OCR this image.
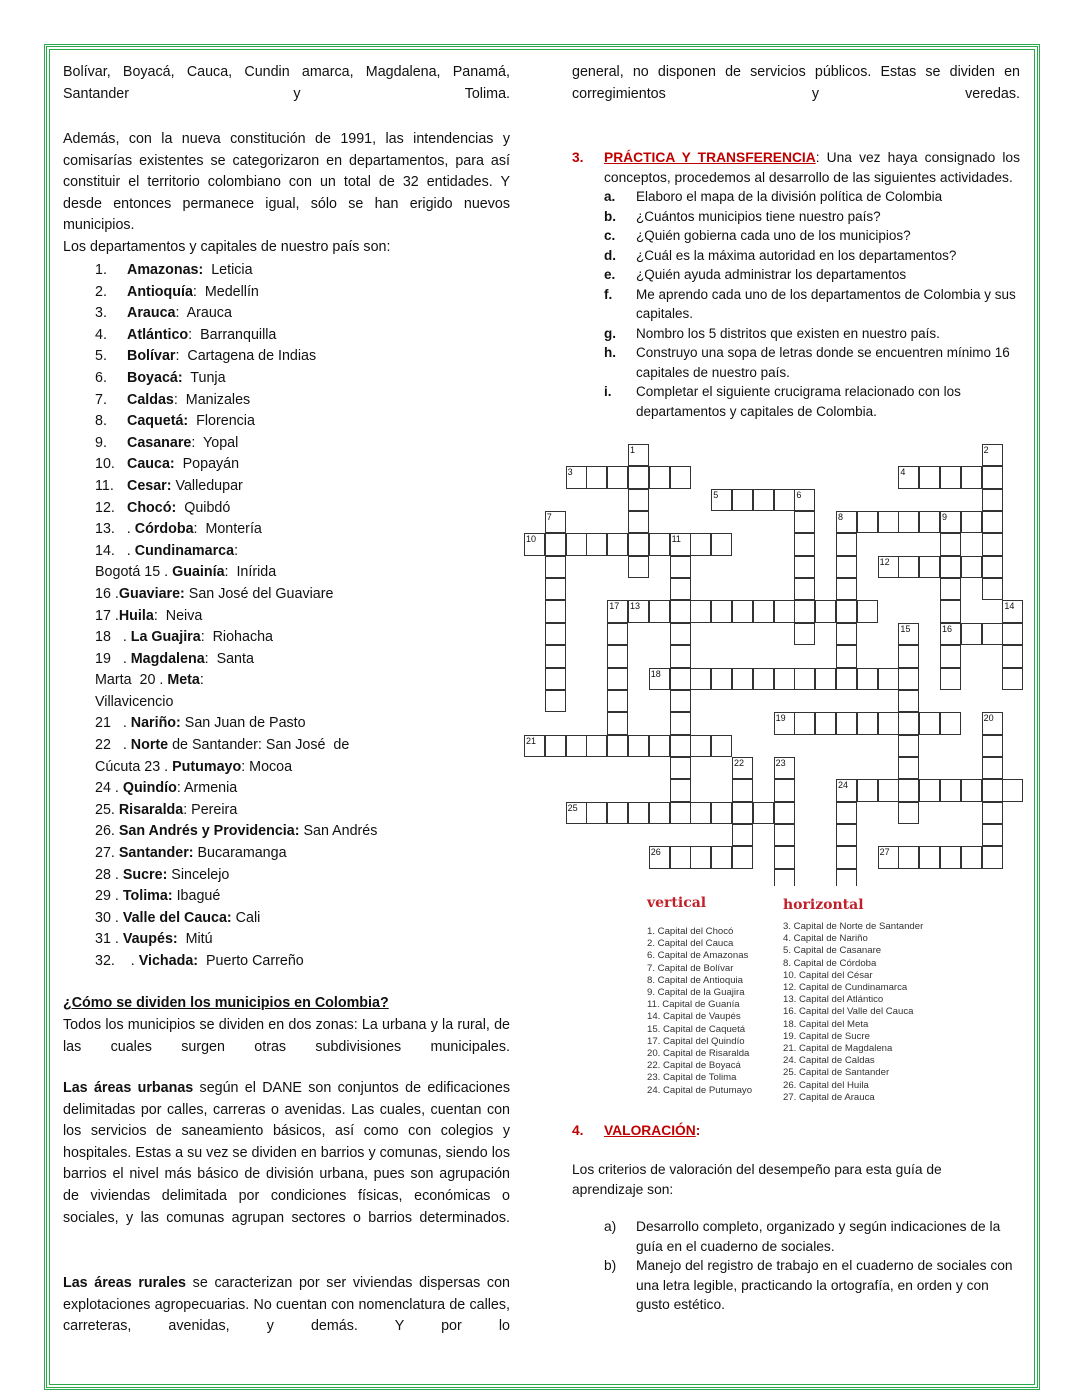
Bolívar, Boyacá, Cauca, Cundin amarca, Magdalena, Panamá, Santander y Tolima.
Además, con la nueva constitución de 1991, las intendencias y comisarías existentes se categorizaron en departamentos, para así constituir el territorio colombiano con un total de 32 entidades. Y desde entonces permanece igual, sólo se han erigido nuevos municipios.
Los departamentos y capitales de nuestro país son:
1. Amazonas:  Leticia
2. Antioquía:  Medellín
3. Arauca:  Arauca
4. Atlántico:  Barranquilla
5. Bolívar:  Cartagena de Indias
6. Boyacá:  Tunja
7. Caldas:  Manizales
8. Caquetá:  Florencia
9. Casanare:  Yopal
10. Cauca:  Popayán
11. Cesar: Valledupar
12. Chocó:  Quibdó
13.   . Córdoba:  Montería
14.   . Cundinamarca:
Bogotá 15 . Guainía:  Inírida
16 .Guaviare: San José del Guaviare
17 .Huila:  Neiva
18   . La Guajira:  Riohacha
19   . Magdalena:  Santa
Marta  20 . Meta:
Villavicencio
21   . Nariño: San Juan de Pasto
22   . Norte de Santander: San José  de
Cúcuta 23 . Putumayo: Mocoa
24 . Quindío: Armenia
25. Risaralda: Pereira
26. San Andrés y Providencia: San Andrés
27. Santander: Bucaramanga
28 . Sucre: Sincelejo
29 . Tolima: Ibagué
30 . Valle del Cauca: Cali
31 . Vaupés:  Mitú
32.    . Vichada:  Puerto Carreño
¿Cómo se dividen los municipios en Colombia?
Todos los municipios se dividen en dos zonas: La urbana y la rural, de las cuales surgen otras subdivisiones municipales.
Las áreas urbanas según el DANE son conjuntos de edificaciones delimitadas por calles, carreras o avenidas. Las cuales, cuentan con los servicios de saneamiento básicos, así como con colegios y hospitales. Estas a su vez se dividen en barrios y comunas, siendo los barrios el nivel más básico de división urbana, pues son agrupación de viviendas delimitada por condiciones físicas, económicas o sociales, y las comunas agrupan sectores o barrios determinados.
Las áreas rurales se caracterizan por ser viviendas dispersas con explotaciones agropecuarias. No cuentan con nomenclatura de calles, carreteras, avenidas, y demás. Y por lo
general, no disponen de servicios públicos. Estas se dividen en corregimientos y veredas.
3.	PRÁCTICA Y TRANSFERENCIA: Una vez haya consignado los conceptos, procedemos al desarrollo de las siguientes actividades.
a. Elaboro el mapa de la división política de Colombia
b. ¿Cuántos municipios tiene nuestro país?
c. ¿Quién gobierna cada uno de los municipios?
d. ¿Cuál es la máxima autoridad en los departamentos?
e. ¿Quién ayuda administrar los departamentos
f. Me aprendo cada uno de los departamentos de Colombia y sus capitales.
g. Nombro los 5 distritos que existen en nuestro país.
h. Construyo una sopa de letras donde se encuentren mínimo 16 capitales de nuestro país.
i. Completar el siguiente crucigrama relacionado con los departamentos y capitales de Colombia.
1	2
3	4
5	6
7	8	9
16
10	11
12
13	14
15
17
18
19	20
21
22	23
24
25
26	27
vertical	horizontal
1. Capital del Chocó
2. Capital del Cauca
6. Capital de Amazonas
7. Capital de Bolívar
8. Capital de Antioquia
9. Capital de la Guajira
11. Capital de Guanía
14. Capital de Vaupés
15. Capital de Caquetá
17. Capital del Quindío
20. Capital de Risaralda
22. Capital de Boyacá
23. Capital de Tolima
24. Capital de Putumayo
3. Capital de Norte de Santander
4. Capital de Nariño
5. Capital de Casanare
8. Capital de Córdoba
10. Capital del César
12. Capital de Cundinamarca
13. Capital del Atlántico
16. Capital del Valle del Cauca
18. Capital del Meta
19. Capital de Sucre
21. Capital de Magdalena
24. Capital de Caldas
25. Capital de Santander
26. Capital del Huila
27. Capital de Arauca
4. VALORACIÓN:
Los criterios de valoración del desempeño para esta guía de aprendizaje son:
a) Desarrollo completo, organizado y según indicaciones de la guía en el cuaderno de sociales.
b) Manejo del registro de trabajo en el cuaderno de sociales con una letra legible, practicando la ortografía, en orden y con gusto estético.
